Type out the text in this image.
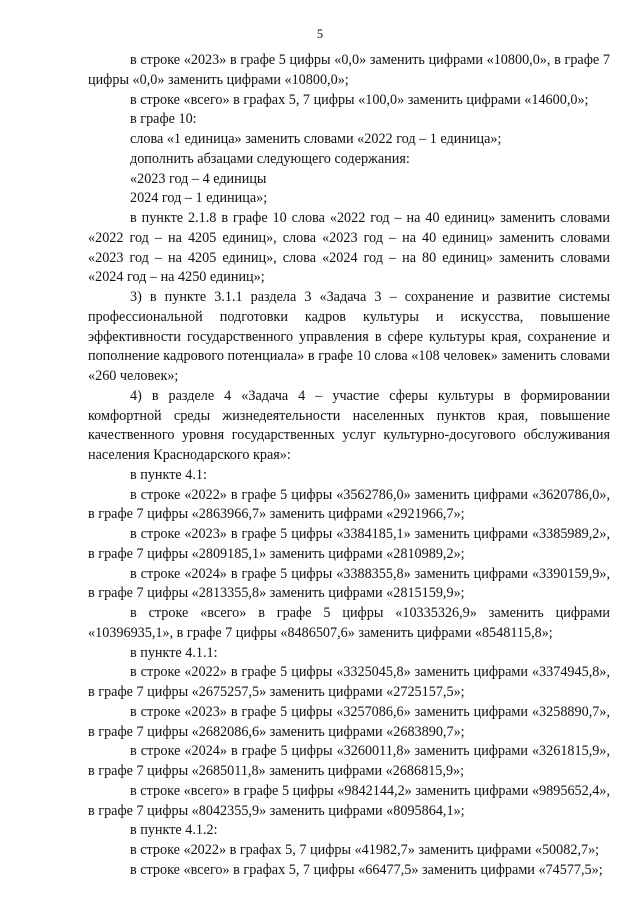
5

в строке «2023» в графе 5 цифры «0,0» заменить цифрами «10800,0», в графе 7 цифры «0,0» заменить цифрами «10800,0»;

в строке «всего» в графах 5, 7 цифры «100,0» заменить цифрами «14600,0»;

в графе 10:

слова «1 единица» заменить словами «2022 год – 1 единица»;

дополнить абзацами следующего содержания:

«2023 год – 4 единицы

2024 год – 1 единица»;

в пункте 2.1.8 в графе 10 слова «2022 год – на 40 единиц» заменить словами «2022 год – на 4205 единиц», слова «2023 год – на 40 единиц» заменить словами «2023 год – на 4205 единиц», слова «2024 год – на 80 единиц» заменить словами «2024 год – на 4250 единиц»;

3) в пункте 3.1.1 раздела 3 «Задача 3 – сохранение и развитие системы профессиональной подготовки кадров культуры и искусства, повышение эффективности государственного управления в сфере культуры края, сохранение и пополнение кадрового потенциала» в графе 10 слова «108 человек» заменить словами «260 человек»;

4) в разделе 4 «Задача 4 – участие сферы культуры в формировании комфортной среды жизнедеятельности населенных пунктов края, повышение качественного уровня государственных услуг культурно-досугового обслуживания населения Краснодарского края»:

в пункте 4.1:

в строке «2022» в графе 5 цифры «3562786,0» заменить цифрами «3620786,0», в графе 7 цифры «2863966,7» заменить цифрами «2921966,7»;

в строке «2023» в графе 5 цифры «3384185,1» заменить цифрами «3385989,2», в графе 7 цифры «2809185,1» заменить цифрами «2810989,2»;

в строке «2024» в графе 5 цифры «3388355,8» заменить цифрами «3390159,9», в графе 7 цифры «2813355,8» заменить цифрами «2815159,9»;

в строке «всего» в графе 5 цифры «10335326,9» заменить цифрами «10396935,1», в графе 7 цифры «8486507,6» заменить цифрами «8548115,8»;

в пункте 4.1.1:

в строке «2022» в графе 5 цифры «3325045,8» заменить цифрами «3374945,8», в графе 7 цифры «2675257,5» заменить цифрами «2725157,5»;

в строке «2023» в графе 5 цифры «3257086,6» заменить цифрами «3258890,7», в графе 7 цифры «2682086,6» заменить цифрами «2683890,7»;

в строке «2024» в графе 5 цифры «3260011,8» заменить цифрами «3261815,9», в графе 7 цифры «2685011,8» заменить цифрами «2686815,9»;

в строке «всего» в графе 5 цифры «9842144,2» заменить цифрами «9895652,4», в графе 7 цифры «8042355,9» заменить цифрами «8095864,1»;

в пункте 4.1.2:

в строке «2022» в графах 5, 7 цифры «41982,7» заменить цифрами «50082,7»;

в строке «всего» в графах 5, 7 цифры «66477,5» заменить цифрами «74577,5»;
